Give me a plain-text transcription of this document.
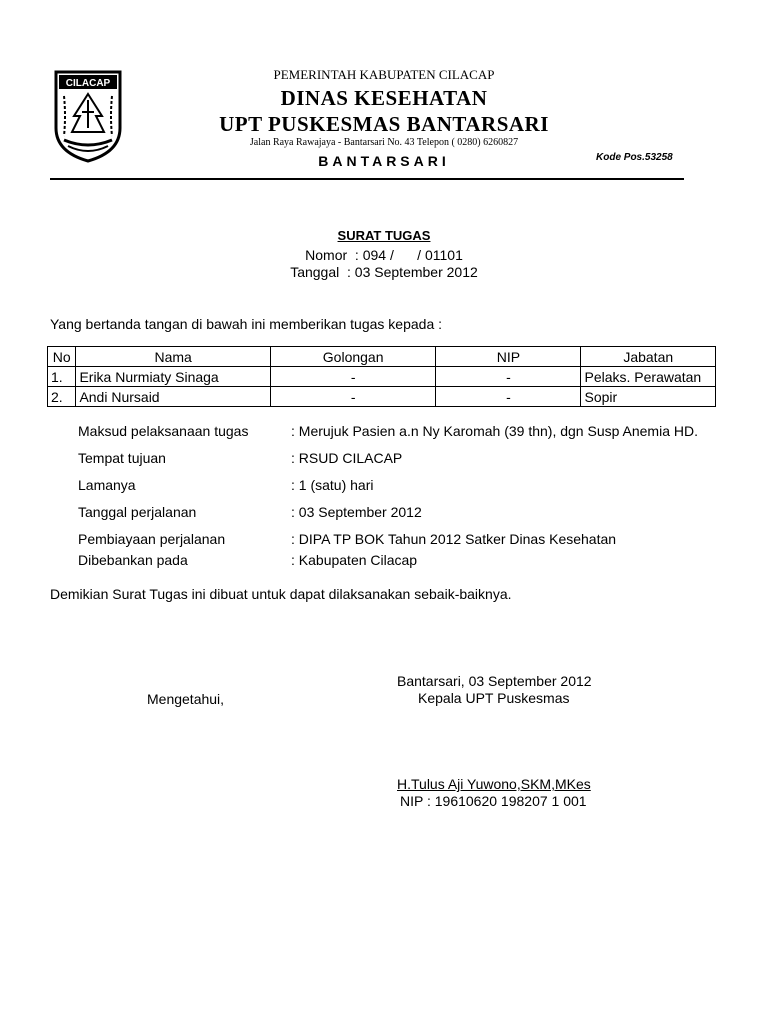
CILACAP
PEMERINTAH KABUPATEN CILACAP
DINAS KESEHATAN
UPT PUSKESMAS BANTARSARI
Jalan Raya Rawajaya - Bantarsari No. 43 Telepon ( 0280) 6260827
BANTARSARI	Kode Pos.53258
SURAT TUGAS
Nomor  : 094 /      / 01101
Tanggal  : 03 September 2012
Yang bertanda tangan di bawah ini memberikan tugas kepada :
No	Nama	Golongan	NIP	Jabatan
1.	Erika Nurmiaty Sinaga	-	-	Pelaks. Perawatan
2.	Andi Nursaid	-	-	Sopir
Maksud pelaksanaan tugas	: Merujuk Pasien a.n Ny Karomah (39 thn), dgn Susp Anemia HD.
Tempat tujuan	: RSUD CILACAP
Lamanya	: 1 (satu) hari
Tanggal perjalanan	: 03 September 2012
Pembiayaan perjalanan	: DIPA TP BOK Tahun 2012 Satker Dinas Kesehatan
Dibebankan pada	: Kabupaten Cilacap
Demikian Surat Tugas ini dibuat untuk dapat dilaksanakan sebaik-baiknya.
Bantarsari, 03 September 2012
Kepala UPT Puskesmas
Mengetahui,
H.Tulus Aji Yuwono,SKM,MKes
NIP : 19610620 198207 1 001
